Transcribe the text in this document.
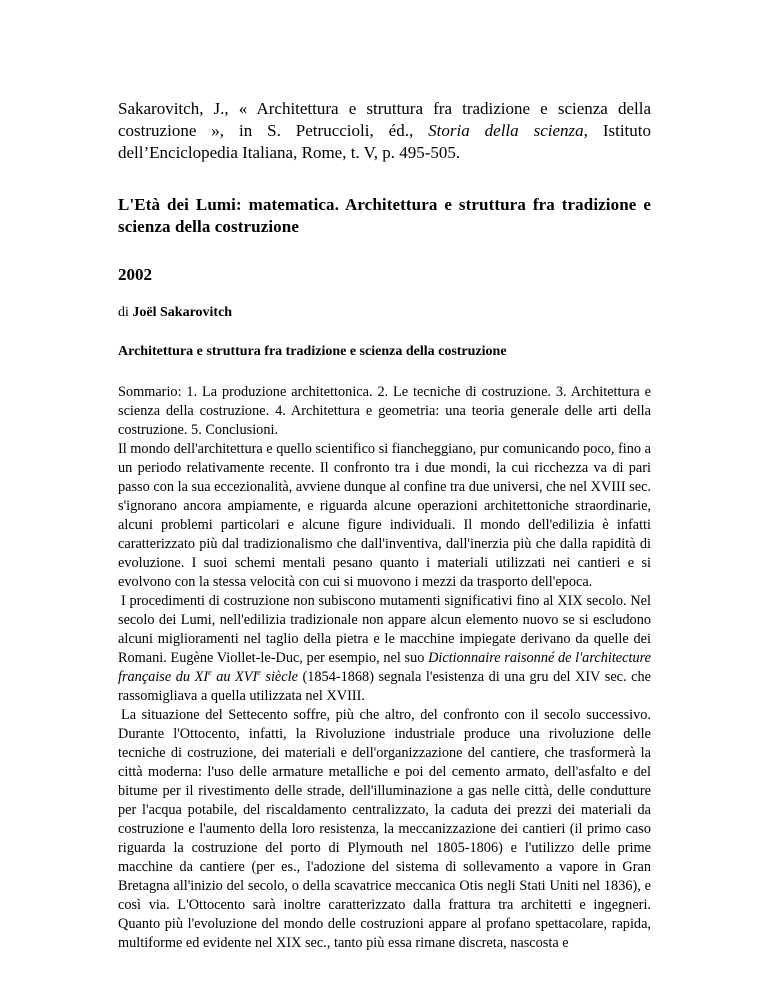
Sakarovitch, J., « Architettura e struttura fra tradizione e scienza della costruzione », in S. Petruccioli, éd., Storia della scienza, Istituto dell’Enciclopedia Italiana, Rome, t. V, p. 495-505.
L'Età dei Lumi: matematica. Architettura e struttura fra tradizione e scienza della costruzione
2002
di Joël Sakarovitch
Architettura e struttura fra tradizione e scienza della costruzione
Sommario: 1. La produzione architettonica. 2. Le tecniche di costruzione. 3. Architettura e scienza della costruzione. 4. Architettura e geometria: una teoria generale delle arti della costruzione. 5. Conclusioni.

Il mondo dell'architettura e quello scientifico si fiancheggiano, pur comunicando poco, fino a un periodo relativamente recente. Il confronto tra i due mondi, la cui ricchezza va di pari passo con la sua eccezionalità, avviene dunque al confine tra due universi, che nel XVIII sec. s'ignorano ancora ampiamente, e riguarda alcune operazioni architettoniche straordinarie, alcuni problemi particolari e alcune figure individuali. Il mondo dell'edilizia è infatti caratterizzato più dal tradizionalismo che dall'inventiva, dall'inerzia più che dalla rapidità di evoluzione. I suoi schemi mentali pesano quanto i materiali utilizzati nei cantieri e si evolvono con la stessa velocità con cui si muovono i mezzi da trasporto dell'epoca.

I procedimenti di costruzione non subiscono mutamenti significativi fino al XIX secolo. Nel secolo dei Lumi, nell'edilizia tradizionale non appare alcun elemento nuovo se si escludono alcuni miglioramenti nel taglio della pietra e le macchine impiegate derivano da quelle dei Romani. Eugène Viollet-le-Duc, per esempio, nel suo Dictionnaire raisonné de l'architecture française du XIe au XVIe siècle (1854-1868) segnala l'esistenza di una gru del XIV sec. che rassomigliava a quella utilizzata nel XVIII.

La situazione del Settecento soffre, più che altro, del confronto con il secolo successivo. Durante l'Ottocento, infatti, la Rivoluzione industriale produce una rivoluzione delle tecniche di costruzione, dei materiali e dell'organizzazione del cantiere, che trasformerà la città moderna: l'uso delle armature metalliche e poi del cemento armato, dell'asfalto e del bitume per il rivestimento delle strade, dell'illuminazione a gas nelle città, delle condutture per l'acqua potabile, del riscaldamento centralizzato, la caduta dei prezzi dei materiali da costruzione e l'aumento della loro resistenza, la meccanizzazione dei cantieri (il primo caso riguarda la costruzione del porto di Plymouth nel 1805-1806) e l'utilizzo delle prime macchine da cantiere (per es., l'adozione del sistema di sollevamento a vapore in Gran Bretagna all'inizio del secolo, o della scavatrice meccanica Otis negli Stati Uniti nel 1836), e così via. L'Ottocento sarà inoltre caratterizzato dalla frattura tra architetti e ingegneri. Quanto più l'evoluzione del mondo delle costruzioni appare al profano spettacolare, rapida, multiforme ed evidente nel XIX sec., tanto più essa rimane discreta, nascosta e
